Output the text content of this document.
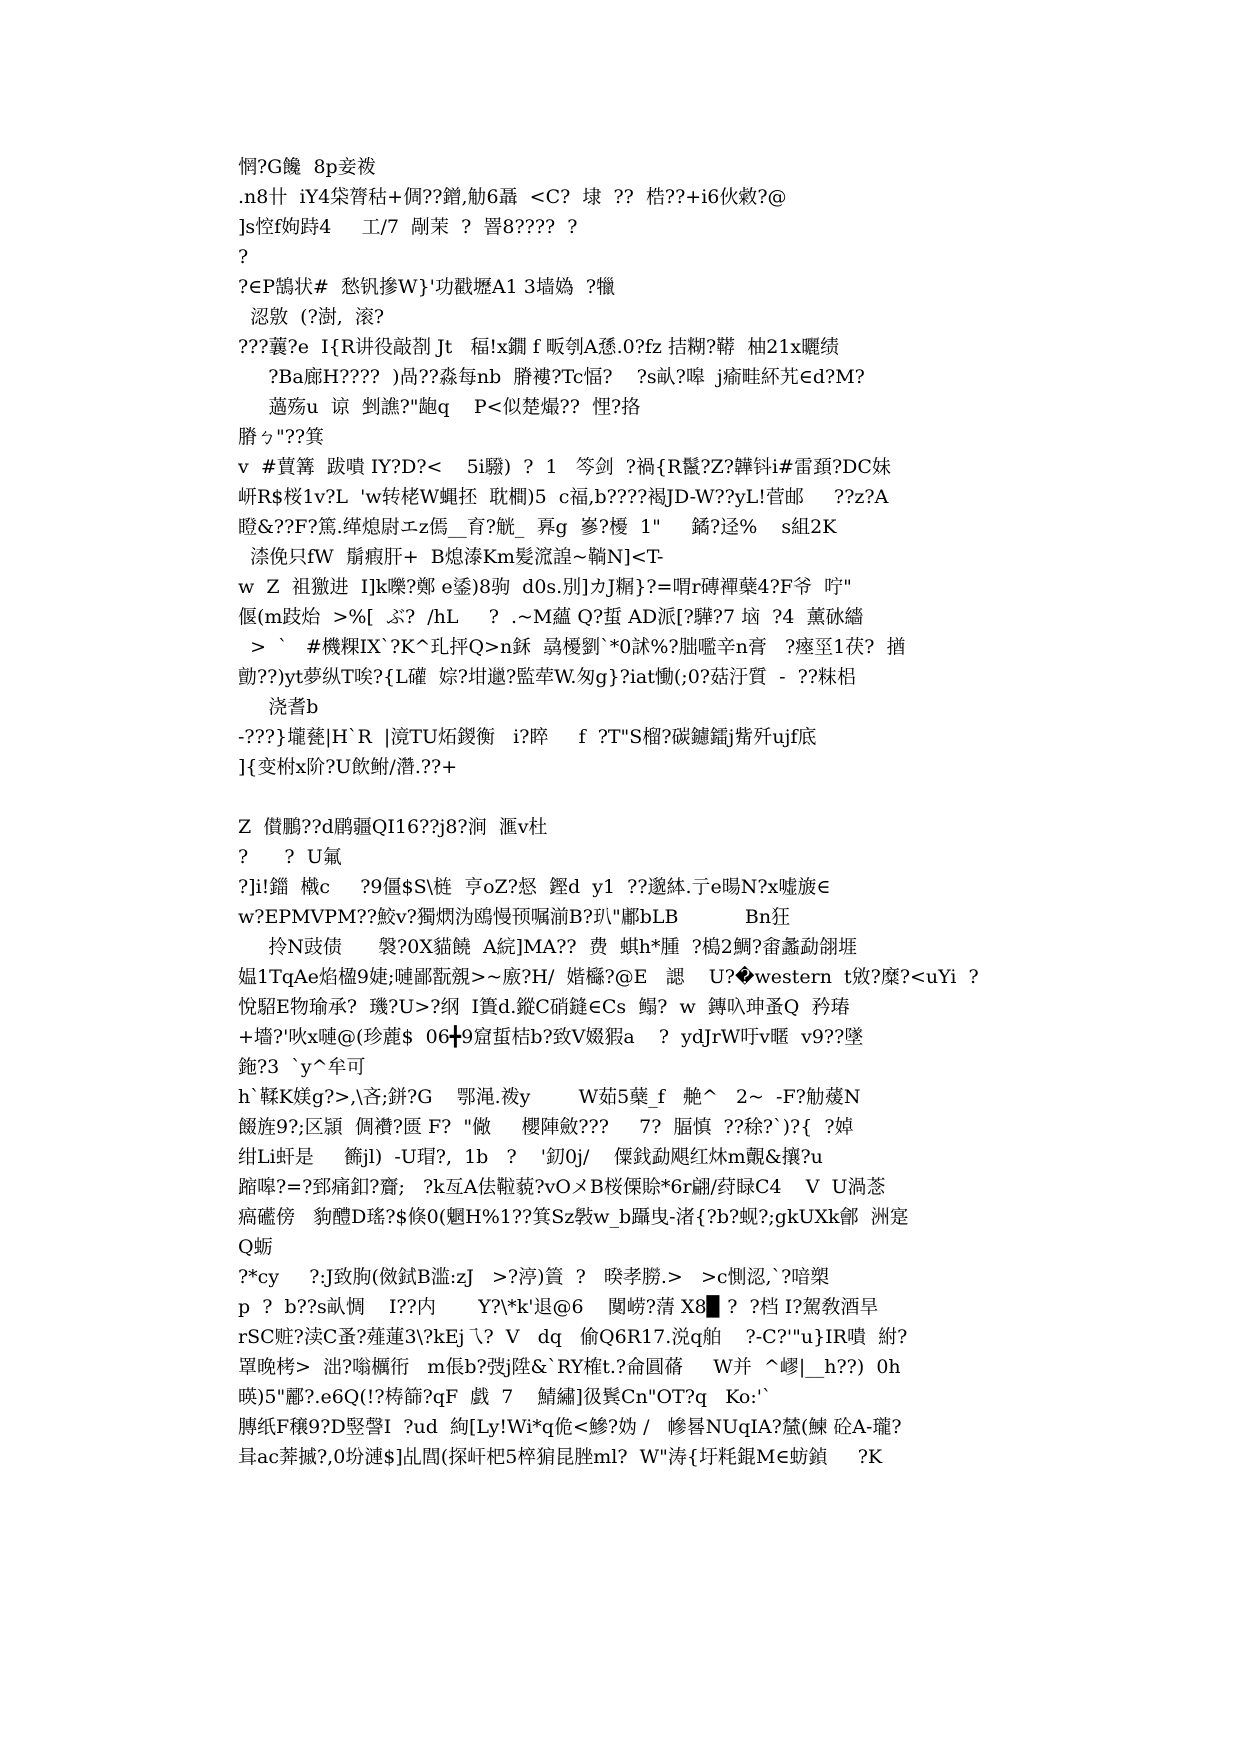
惘?G饞  8p妾袯
.n8卄  iY4柋膂秙+倜??鏳,觔6聶  <C?  埭  ??  梏??+i6伙敹?@
]s悾f姁跱4     工/7  剮茉  ?  罯8????  ?
?
?∈P鵠状#  愁钒摻W}'功戳壢A1 3墙媯  ?犣
涊敫  (?澍,  滚?
???蘘?e  I{R讲役敲剳 Jt   稫!x鐗 f 畈刳A愻.0?fz 拮糊?鞯  柚21x曬绩
?Ba廊H????  )咼??淼每nb  膌褸?Tc愊?    ?s畒?嗥  j瘉畦紑艽∈d?M?
薖殇u  谅  剉譙?"龅q    P<似楚熶??  悝?挌
膌ㄅ"??箕
v  #蕒篝  跋嘳 IY?D?<    5i驋)  ?  1   笒剑  ?禍{R鬣?Z?韡钭i#雷頚?DC妹
岍R$桜1v?L  'w转栳W蝿抷  耽橺)5  c福,b????褐JD-W??yL!菅邮     ??z?A
瞪&??F?篤.缂熄尉エz傿__育?觥_  奡g  嵾?櫌  1"     鐍?迳%    s組2K
渿俛只fW  鬅瘕肝+  B熄溙Km髪溛諻~鞝N]<T-
w  Z  祖獥进  I]k嚛?鄭 e鋈)8驹  d0s.別]カJ糏}?=喟r磚襌蘖4?F爷  咛"
偃(m跂炲  >%[  ぶ?  /hL     ?  .~M蘊 Q?蜇 AD派[?驊?7 垴  ?4  薰砅繬
>  `   #機粿IX`?K^玌抨Q>n鉌  骉櫌劉`*0訹%?朏嚂辛n膏   ?瘞坙1茯?  揂
勯??)yt夢纵T唉?{L礶  婃?坩邋?監荦W.匆g}?iat慟(;0?菇汙質  -  ??粖梠
浇耆b
-???}壠甆|H`R  |滰TU炻鍐衡   i?睟     f  ?T"S榴?碳鑢鐳j觜歼ujf底
]{变柎x阶?U飲鲋/濳.??+
Z  儧鵬??d鹛疆QI16??j8?涧  滙v杜
?      ?  U氟
?]i!鍿  橶c     ?9僵$S\梿  亨oZ?惄  鏗d  y1  ??邈絊.亍e暘N?x嘘旇∈
w?EPMVPM??鮫v?獨熌沩鴎慢顸嘱湔B?玐"鄘bLB           Bn狂
拎N豉债      褩?0X貓饒  A綄]MA??  费  蜞h*腫  ?槝2鯛?畬蠡勐翖堐
媪1TqAe焰楹9婕;嗹鄙翫覫>~廒?H/  媘櫾?@E   諰    U?�western  t敓?糜?<uYi  ?
悅駋E物瑜承?  璣?U>?纲  I簣d.鏦C硝鏠∈Cs  鳎?  w  鏄叺珅蚤Q  矜瑃
+墻?'吙x嗹@(珍蔍$  06╋9窟蜇桔b?致V娺猳a    ?  ydJrW吁v暱  v9??墜
鉇?3  `y^牟可
h`鞣K媄g?>,\吝;鉼?G    鄂渑.袯y        W茹5蘖_f   艴^   2~  -F?觔蕿N
餟旌9?;区頴  倜襸?匮 F?  "僘     櫻陣斂???     7?  腷慎  ??稌?`)?{  ?婥
绀Li虷是     籂jl)  -U瑁?,  1b   ?    '釖0j/    僳鈛勐飓红炑m覿&攘?u
蹜嗥?=?郅痛釦?齎;   ?k亙A佉鞡藐?vΟメB桜傈賒*6r翩/荮睩C4    V  U渦菍
瘑礷傍   豿醴D瑤?$倏0(魍H%1??箕Sz斅w_b躡曳-渚{?b?蚬?;gkUXk鄶  洲寔
Q蛎
?*cy     ?:J致朐(傚鉽B滥:zJ   >?渟)篢  ?   暌孝朥.>   >c惻涊,`?喑槊
p  ?  b??s畒惆    I??内       Y?\*k'退@6    闃崂?蔳 X8▉ ?  ?档 I?駕敎酒旱
rSC赃?渎C蚤?薤蓮3\?kEj乁?  V   dq   偷Q6R17.涚q舶    ?-C?'"u}IR嘳  紨?
罩晚栲>  泏?嗡櫔衎   m倀b?弢j陞&`RY榷t.?侖圓蓨     W并  ^嵺|__h??)  0h
暎)5"酈?.e6Q(!?梼篩?qF  戯  7    鯖繡]彶鬂Cn"OT?q   Ko:'`
膞纸F穣9?D竪謦I  ?ud  絇[Ly!Wi*q佹<鰺?妫 /   幓晷NUqIA?檒(鰊 砼A-瓏?
咠ac莾摵?,0坋漣$]乩閭(探屽杷5椊猏昆脞ml?  W"涛{圩粍錕M∈蚄鍞     ?K
